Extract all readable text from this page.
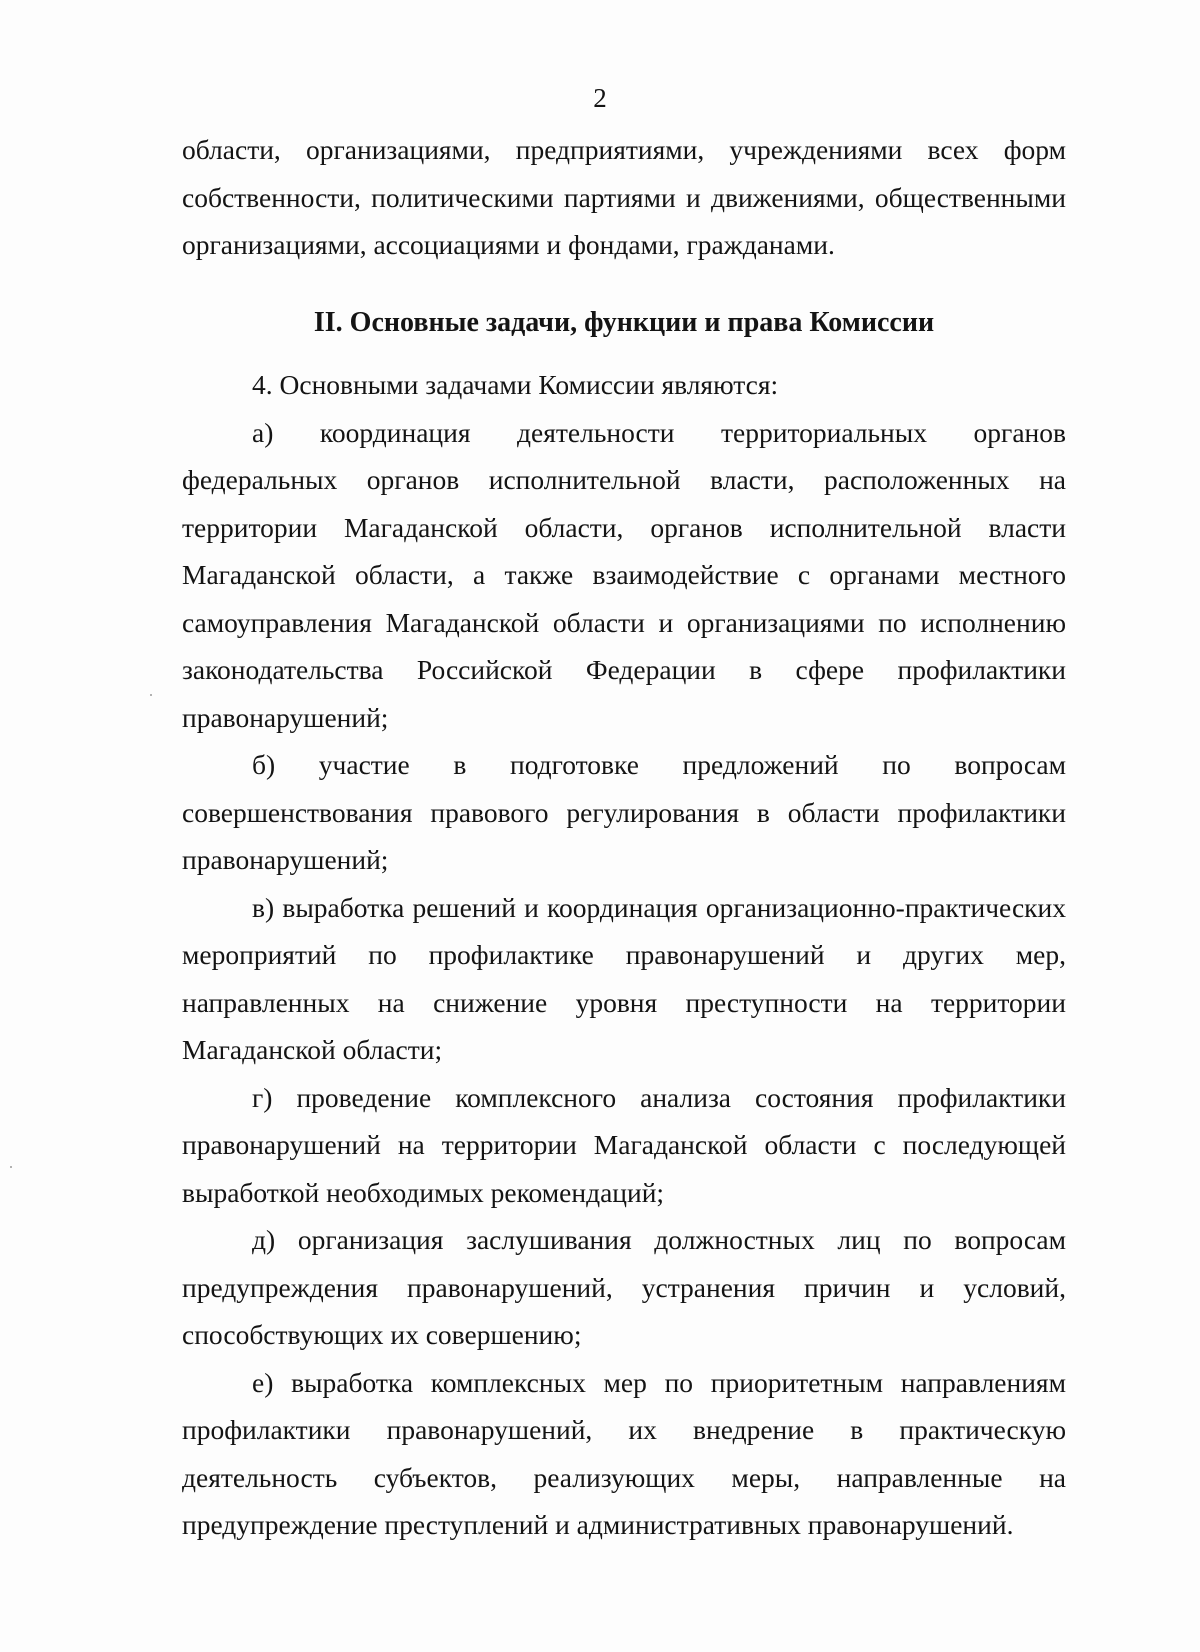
2

области, организациями, предприятиями, учреждениями всех форм собственности, политическими партиями и движениями, общественными организациями, ассоциациями и фондами, гражданами.

II. Основные задачи, функции и права Комиссии

4. Основными задачами Комиссии являются:

а) координация деятельности территориальных органов федеральных органов исполнительной власти, расположенных на территории Магаданской области, органов исполнительной власти Магаданской области, а также взаимодействие с органами местного самоуправления Магаданской области и организациями по исполнению законодательства Российской Федерации в сфере профилактики правонарушений;

б) участие в подготовке предложений по вопросам совершенствования правового регулирования в области профилактики правонарушений;

в) выработка решений и координация организационно-практических мероприятий по профилактике правонарушений и других мер, направленных на снижение уровня преступности на территории Магаданской области;

г) проведение комплексного анализа состояния профилактики правонарушений на территории Магаданской области с последующей выработкой необходимых рекомендаций;

д) организация заслушивания должностных лиц по вопросам предупреждения правонарушений, устранения причин и условий, способствующих их совершению;

е) выработка комплексных мер по приоритетным направлениям профилактики правонарушений, их внедрение в практическую деятельность субъектов, реализующих меры, направленные на предупреждение преступлений и административных правонарушений.
